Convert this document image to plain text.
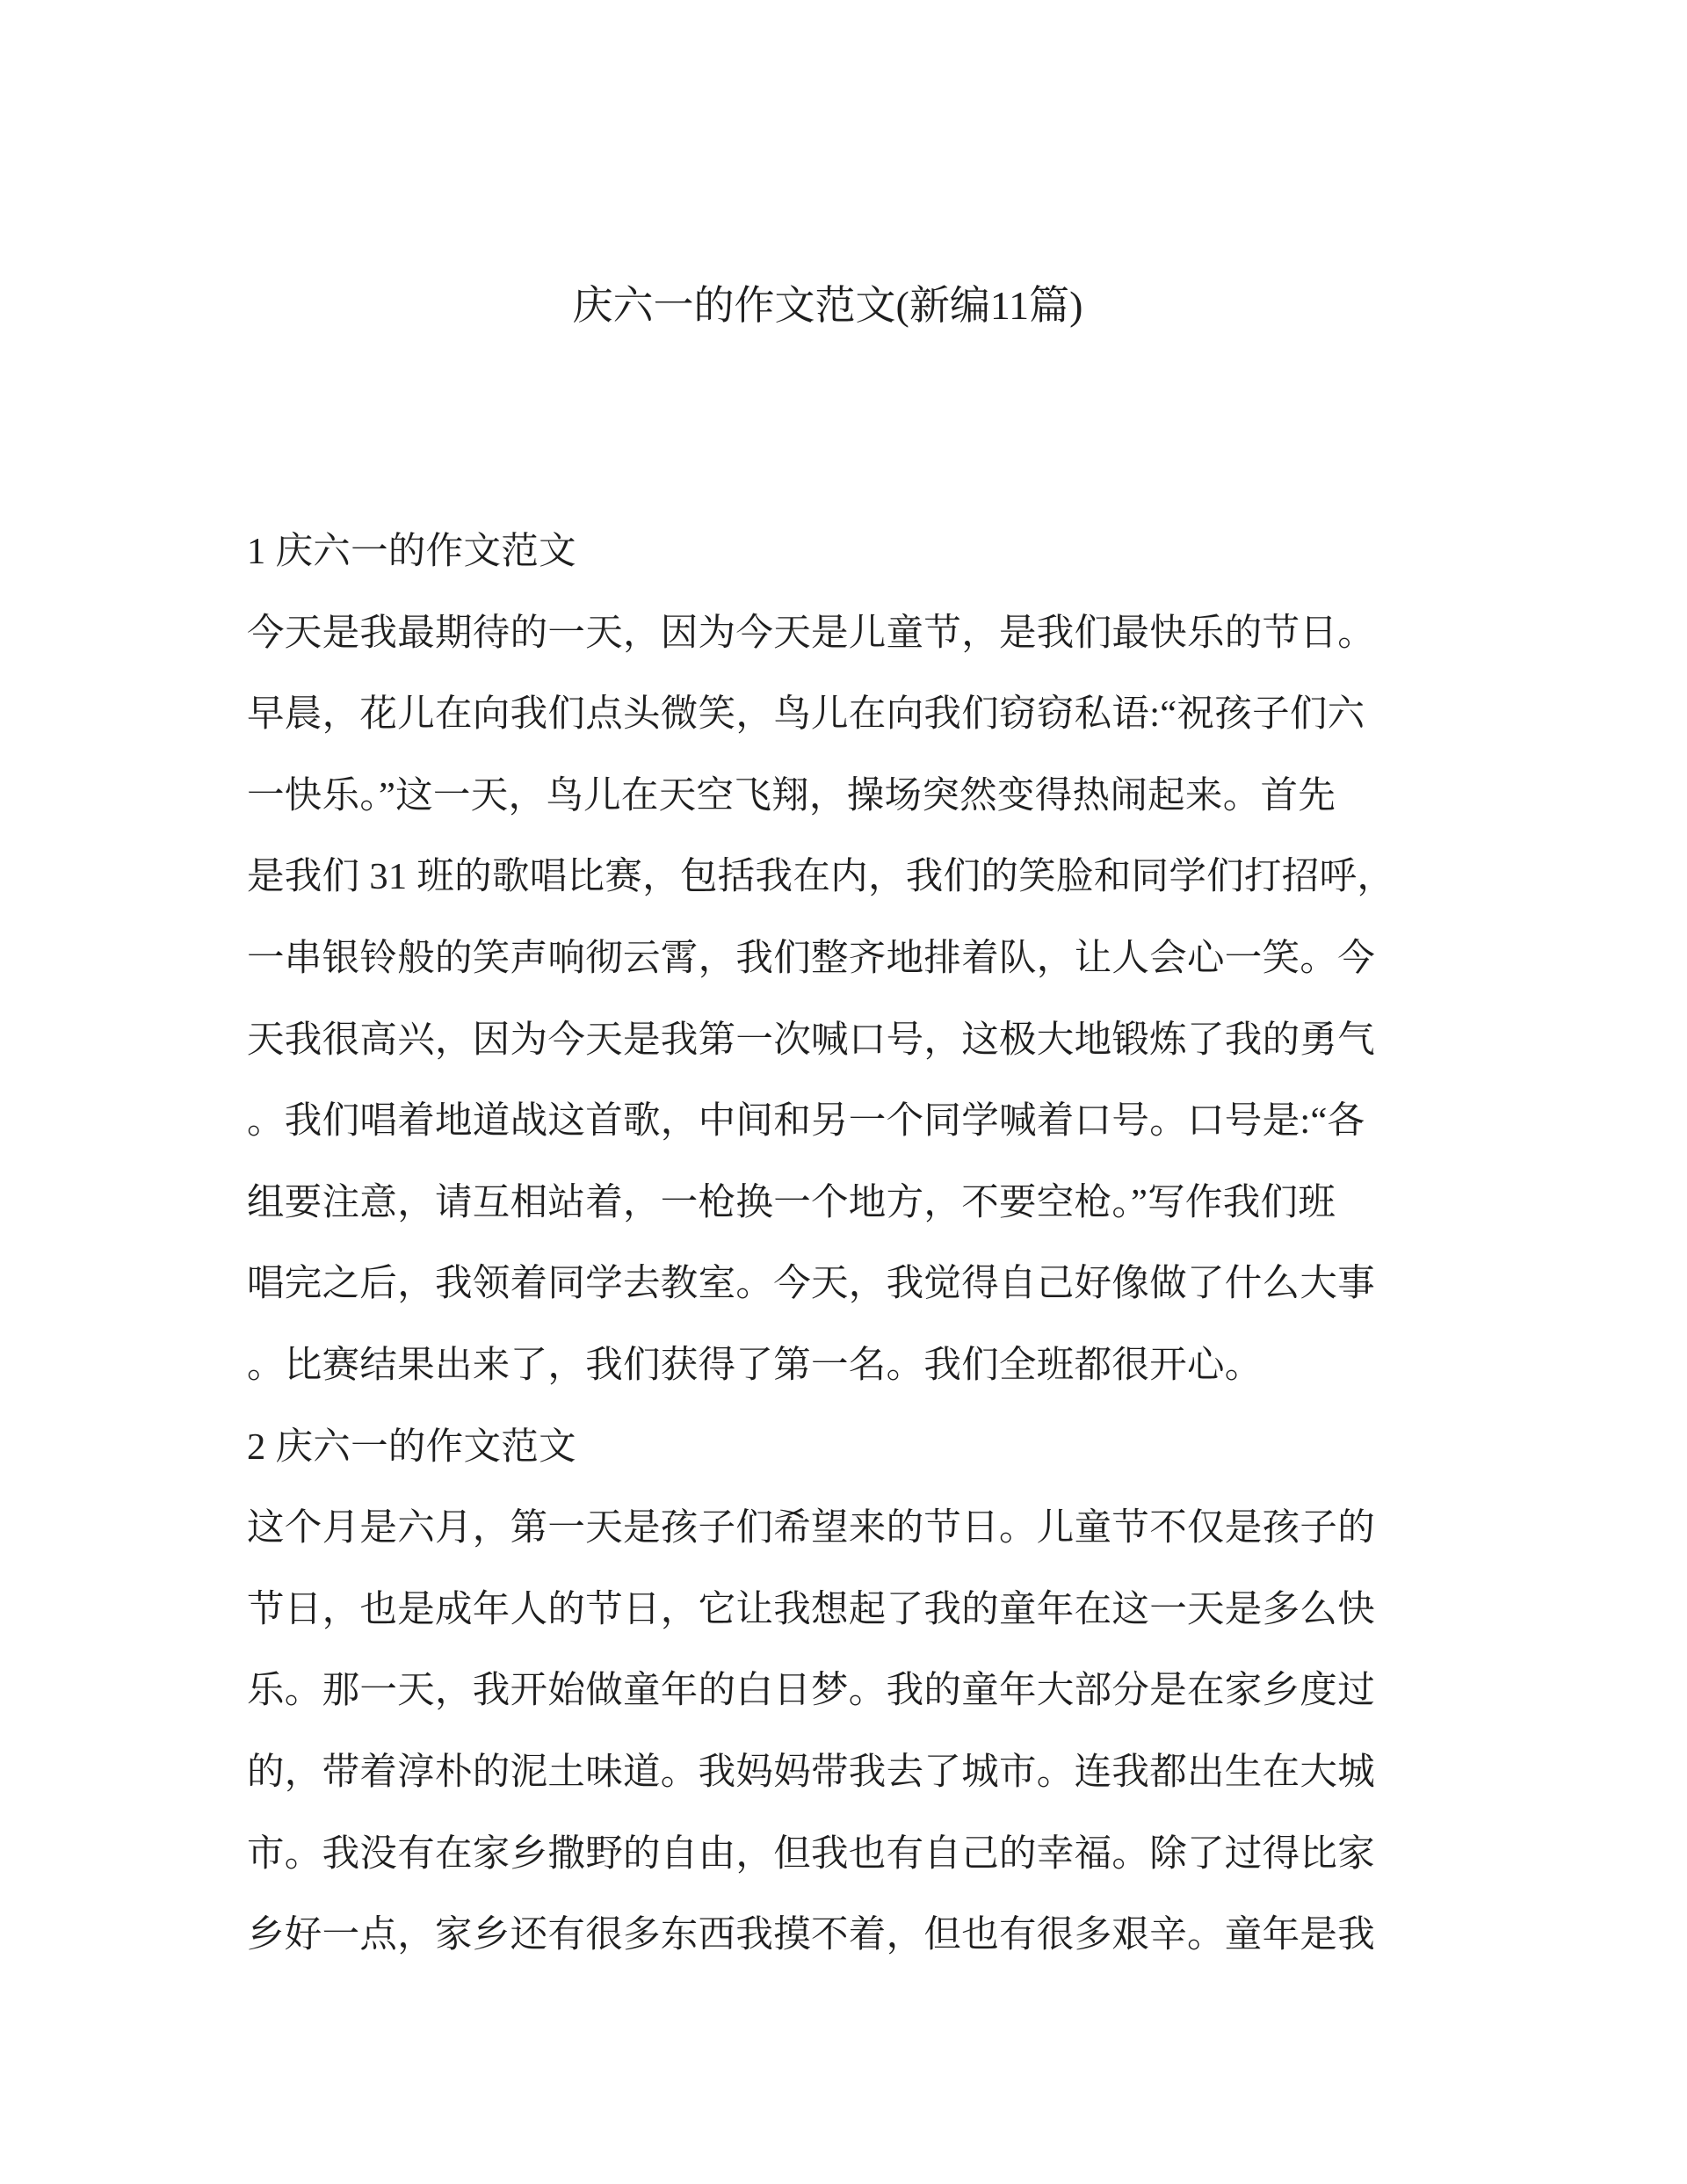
庆六一的作文范文(新编11篇)
1 庆六一的作文范文
今天是我最期待的一天，因为今天是儿童节，是我们最快乐的节日。
早晨，花儿在向我们点头微笑，鸟儿在向我们窃窃私语:“祝孩子们六
一快乐。”这一天，鸟儿在天空飞翔，操场突然变得热闹起来。首先
是我们 31 班的歌唱比赛，包括我在内，我们的笑脸和同学们打招呼，
一串银铃般的笑声响彻云霄，我们整齐地排着队，让人会心一笑。今
天我很高兴，因为今天是我第一次喊口号，这极大地锻炼了我的勇气
。我们唱着地道战这首歌，中间和另一个同学喊着口号。口号是:“各
组要注意，请互相站着，一枪换一个地方，不要空枪。”写作我们班
唱完之后，我领着同学去教室。今天，我觉得自己好像做了什么大事
。比赛结果出来了，我们获得了第一名。我们全班都很开心。
2 庆六一的作文范文
这个月是六月，第一天是孩子们希望来的节日。儿童节不仅是孩子的
节日，也是成年人的节日，它让我想起了我的童年在这一天是多么快
乐。那一天，我开始做童年的白日梦。我的童年大部分是在家乡度过
的，带着淳朴的泥土味道。我妈妈带我去了城市。连我都出生在大城
市。我没有在家乡撒野的自由，但我也有自己的幸福。除了过得比家
乡好一点，家乡还有很多东西我摸不着，但也有很多艰辛。童年是我
